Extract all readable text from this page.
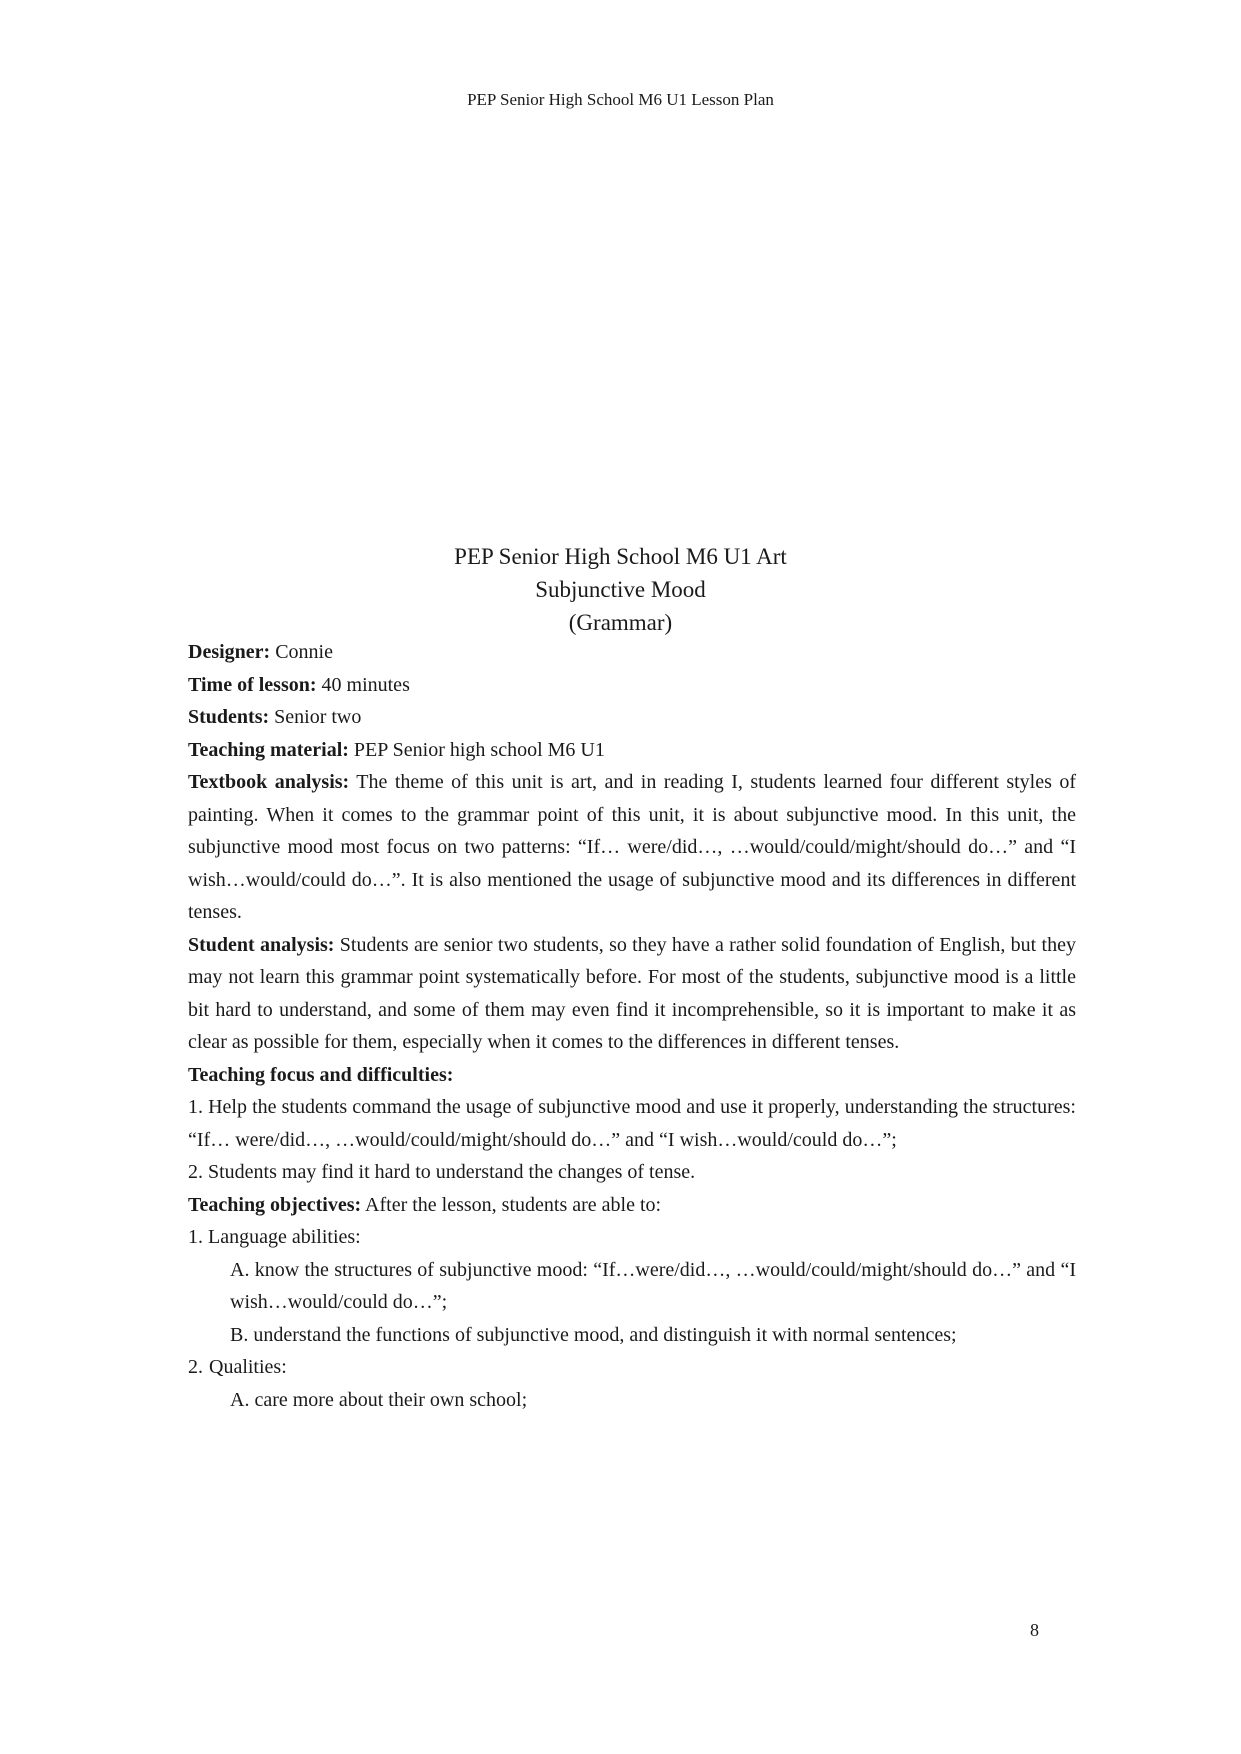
PEP Senior High School M6 U1 Lesson Plan
PEP Senior High School M6 U1 Art
Subjunctive Mood
(Grammar)

Designer: Connie

Time of lesson: 40 minutes

Students: Senior two

Teaching material: PEP Senior high school M6 U1

Textbook analysis: The theme of this unit is art, and in reading I, students learned four different styles of painting. When it comes to the grammar point of this unit, it is about subjunctive mood. In this unit, the subjunctive mood most focus on two patterns: “If… were/did…, …would/could/might/should do…” and “I wish…would/could do…”. It is also mentioned the usage of subjunctive mood and its differences in different tenses.

Student analysis: Students are senior two students, so they have a rather solid foundation of English, but they may not learn this grammar point systematically before. For most of the students, subjunctive mood is a little bit hard to understand, and some of them may even find it incomprehensible, so it is important to make it as clear as possible for them, especially when it comes to the differences in different tenses.

Teaching focus and difficulties:

1. Help the students command the usage of subjunctive mood and use it properly, understanding the structures: “If… were/did…, …would/could/might/should do…” and “I wish…would/could do…”;

2. Students may find it hard to understand the changes of tense.

Teaching objectives: After the lesson, students are able to:

1. Language abilities:

A. know the structures of subjunctive mood: “If…were/did…, …would/could/might/should do…” and “I wish…would/could do…”;

B. understand the functions of subjunctive mood, and distinguish it with normal sentences;

2. Qualities:

A. care more about their own school;

8
